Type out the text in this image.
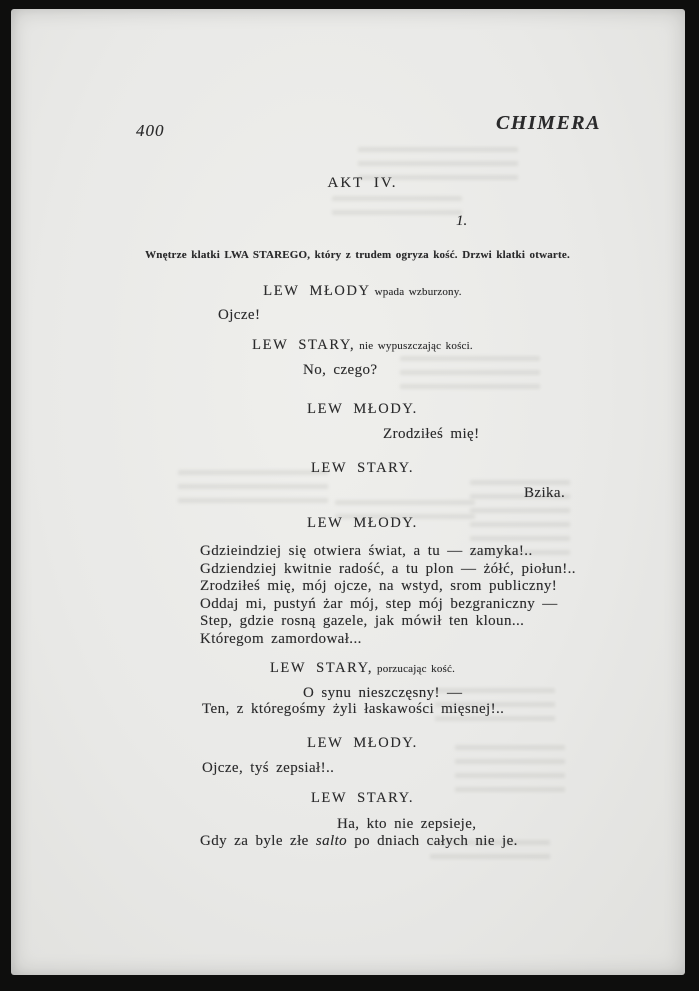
400	CHIMERA
AKT IV.
1.
Wnętrze klatki LWA STAREGO, który z trudem ogryza kość. Drzwi klatki otwarte.
LEW MŁODY wpada wzburzony.
Ojcze!
LEW STARY, nie wypuszczając kości.
No, czego?
LEW MŁODY.
Zrodziłeś mię!
LEW STARY.
Bzika.
LEW MŁODY.
Gdzieindziej się otwiera świat, a tu — zamyka!..
Gdziendziej kwitnie radość, a tu plon — żółć, piołun!..
Zrodziłeś mię, mój ojcze, na wstyd, srom publiczny!
Oddaj mi, pustyń żar mój, step mój bezgraniczny —
Step, gdzie rosną gazele, jak mówił ten kloun...
Któregom zamordował...
LEW STARY, porzucając kość.
O synu nieszczęsny! —
Ten, z któregośmy żyli łaskawości mięsnej!..
LEW MŁODY.
Ojcze, tyś zepsiał!..
LEW STARY.
Ha, kto nie zepsieje,
Gdy za byle złe salto po dniach całych nie je.
